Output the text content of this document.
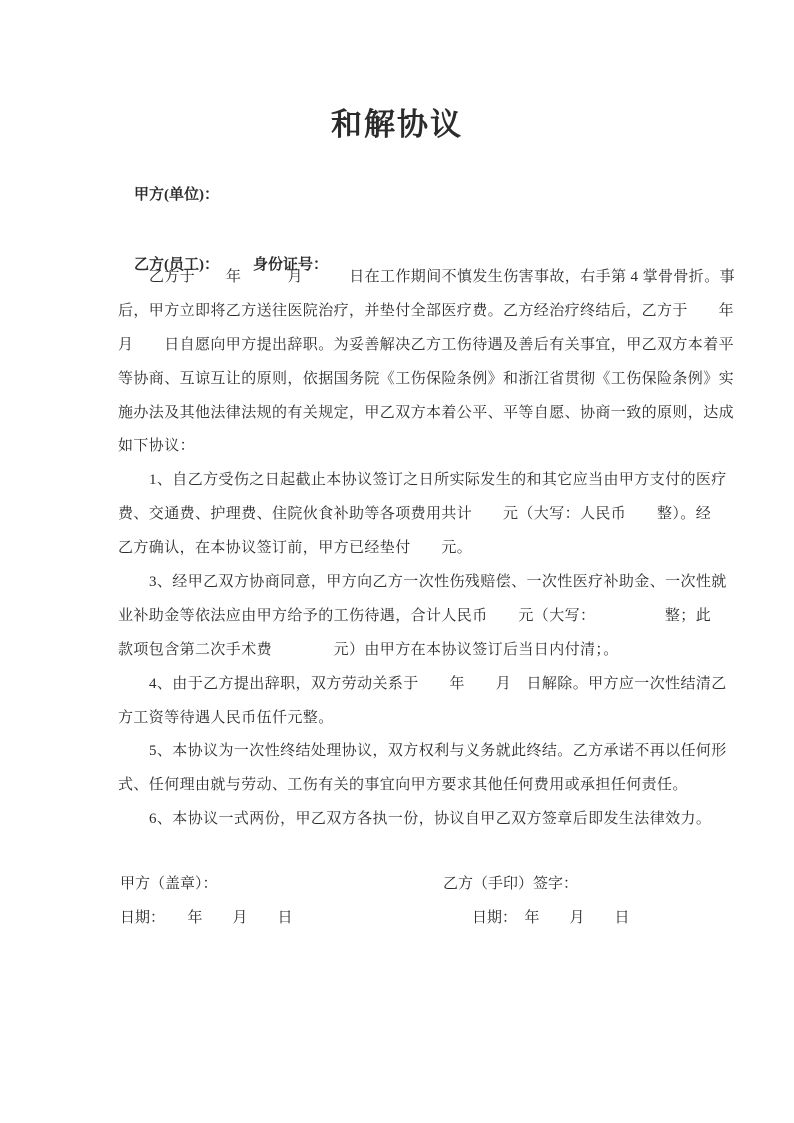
和解协议

甲方(单位)：

乙方(员工)： 身份证号：

乙方于　　年　　　月　　　日在工作期间不慎发生伤害事故，右手第 4 掌骨骨折。事
后，甲方立即将乙方送往医院治疗，并垫付全部医疗费。乙方经治疗终结后，乙方于　　年
月　　日自愿向甲方提出辞职。为妥善解决乙方工伤待遇及善后有关事宜，甲乙双方本着平
等协商、互谅互让的原则，依据国务院《工伤保险条例》和浙江省贯彻《工伤保险条例》实
施办法及其他法律法规的有关规定，甲乙双方本着公平、平等自愿、协商一致的原则，达成
如下协议：
1、自乙方受伤之日起截止本协议签订之日所实际发生的和其它应当由甲方支付的医疗
费、交通费、护理费、住院伙食补助等各项费用共计　　元（大写：人民币　　整）。经
乙方确认，在本协议签订前，甲方已经垫付　　元。
3、经甲乙双方协商同意，甲方向乙方一次性伤残赔偿、一次性医疗补助金、一次性就
业补助金等依法应由甲方给予的工伤待遇，合计人民币　　元（大写：　　　　　整；此
款项包含第二次手术费　　　　元）由甲方在本协议签订后当日内付清；。
4、由于乙方提出辞职，双方劳动关系于　　年　　月　日解除。甲方应一次性结清乙
方工资等待遇人民币伍仟元整。
5、本协议为一次性终结处理协议，双方权利与义务就此终结。乙方承诺不再以任何形
式、任何理由就与劳动、工伤有关的事宜向甲方要求其他任何费用或承担任何责任。
6、本协议一式两份，甲乙双方各执一份，协议自甲乙双方签章后即发生法律效力。
甲方（盖章）：	乙方（手印）签字：
日期：　　年　　月　　日	日期：　年　　月　　日
